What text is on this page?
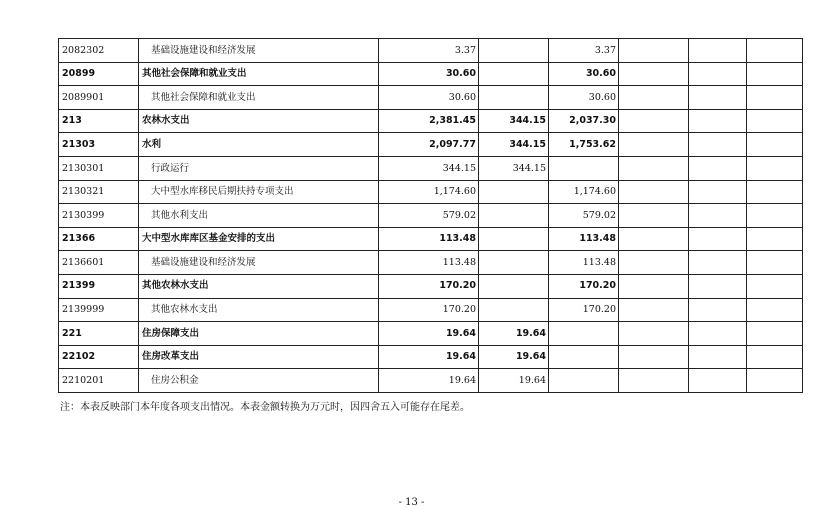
2082302	基础设施建设和经济发展	3.37		3.37			
20899	其他社会保障和就业支出	30.60		30.60			
2089901	其他社会保障和就业支出	30.60		30.60			
213	农林水支出	2,381.45	344.15	2,037.30			
21303	水利	2,097.77	344.15	1,753.62			
2130301	行政运行	344.15	344.15				
2130321	大中型水库移民后期扶持专项支出	1,174.60		1,174.60			
2130399	其他水利支出	579.02		579.02			
21366	大中型水库库区基金安排的支出	113.48		113.48			
2136601	基础设施建设和经济发展	113.48		113.48			
21399	其他农林水支出	170.20		170.20			
2139999	其他农林水支出	170.20		170.20			
221	住房保障支出	19.64	19.64				
22102	住房改革支出	19.64	19.64				
2210201	住房公积金	19.64	19.64				
注：本表反映部门本年度各项支出情况。本表金额转换为万元时，因四舍五入可能存在尾差。
- 13 -
